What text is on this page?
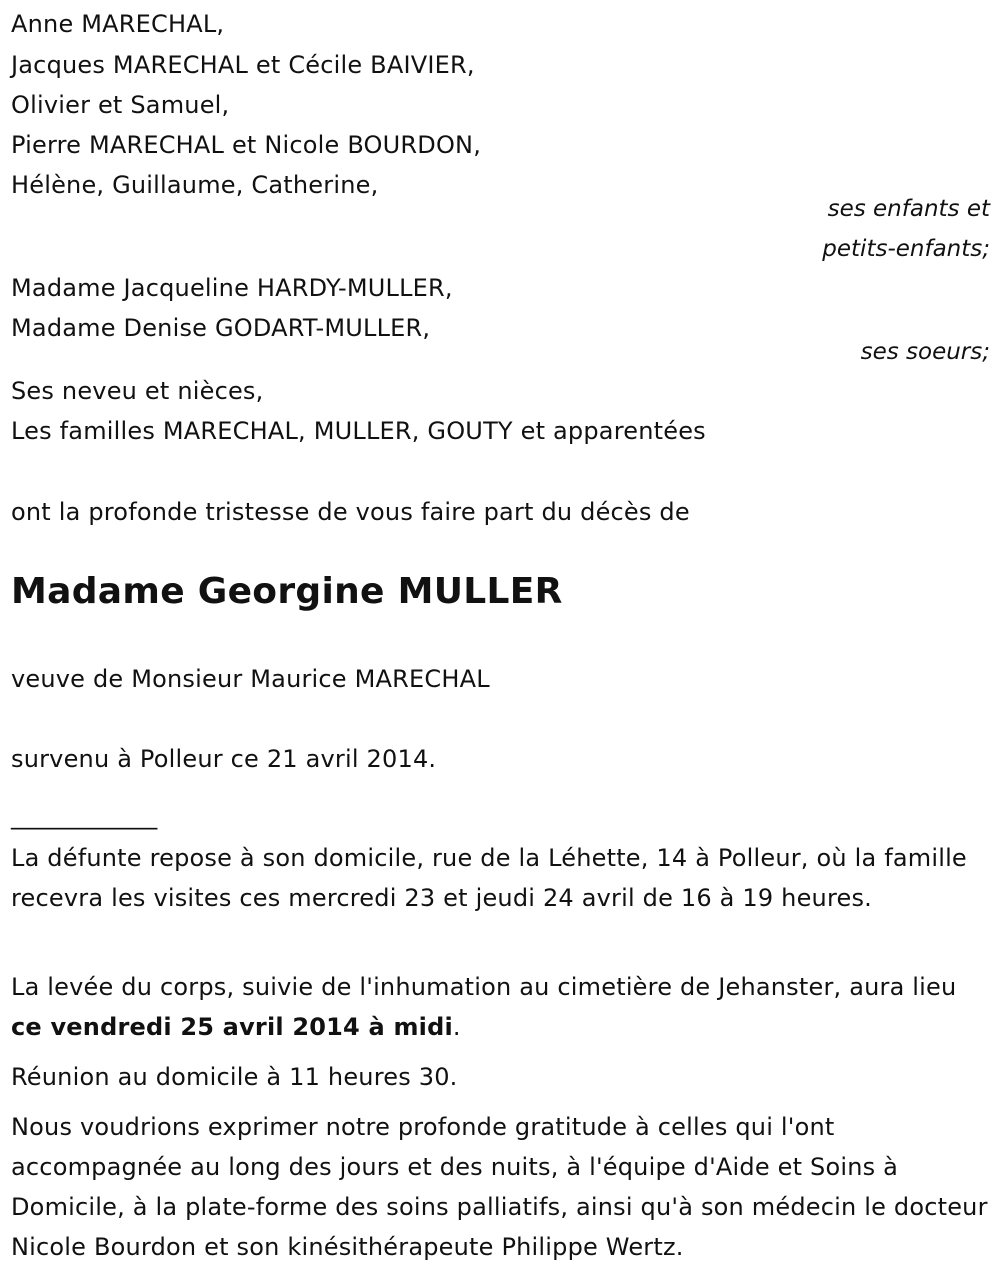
Anne MARECHAL,
Jacques MARECHAL et Cécile BAIVIER,
Olivier et Samuel,
Pierre MARECHAL et Nicole BOURDON,
Hélène, Guillaume, Catherine,
ses enfants et
petits-enfants;
Madame Jacqueline HARDY-MULLER,
Madame Denise GODART-MULLER,
ses soeurs;
Ses neveu et nièces,
Les familles MARECHAL, MULLER, GOUTY et apparentées
ont la profonde tristesse de vous faire part du décès de
Madame Georgine MULLER
veuve de Monsieur Maurice MARECHAL
survenu à Polleur ce 21 avril 2014.
____________
La défunte repose à son domicile, rue de la Léhette, 14 à Polleur, où la famille recevra les visites ces mercredi 23 et jeudi 24 avril de 16 à 19 heures.
La levée du corps, suivie de l'inhumation au cimetière de Jehanster, aura lieu ce vendredi 25 avril 2014 à midi.
Réunion au domicile à 11 heures 30.
Nous voudrions exprimer notre profonde gratitude à celles qui l'ont accompagnée au long des jours et des nuits, à l'équipe d'Aide et Soins à Domicile, à la plate-forme des soins palliatifs, ainsi qu'à son médecin le docteur Nicole Bourdon et son kinésithérapeute Philippe Wertz.
